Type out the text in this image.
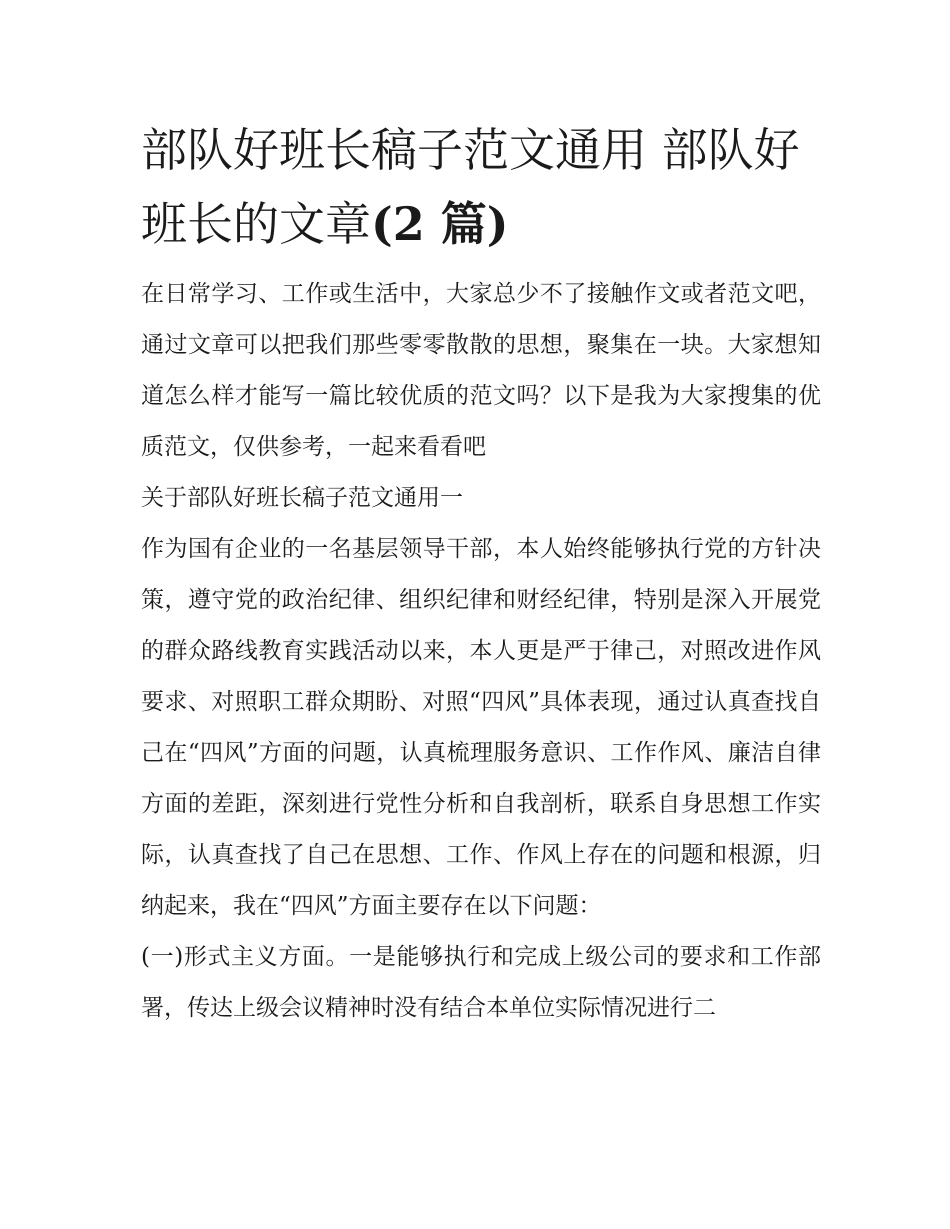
部队好班长稿子范文通用 部队好班长的文章(2 篇)

在日常学习、工作或生活中，大家总少不了接触作文或者范文吧，通过文章可以把我们那些零零散散的思想，聚集在一块。大家想知道怎么样才能写一篇比较优质的范文吗？以下是我为大家搜集的优质范文，仅供参考，一起来看看吧

关于部队好班长稿子范文通用一

作为国有企业的一名基层领导干部，本人始终能够执行党的方针决策，遵守党的政治纪律、组织纪律和财经纪律，特别是深入开展党的群众路线教育实践活动以来，本人更是严于律己，对照改进作风要求、对照职工群众期盼、对照“四风”具体表现，通过认真查找自己在“四风”方面的问题，认真梳理服务意识、工作作风、廉洁自律方面的差距，深刻进行党性分析和自我剖析，联系自身思想工作实际，认真查找了自己在思想、工作、作风上存在的问题和根源，归纳起来，我在“四风”方面主要存在以下问题：

(一)形式主义方面。一是能够执行和完成上级公司的要求和工作部署，传达上级会议精神时没有结合本单位实际情况进行二
